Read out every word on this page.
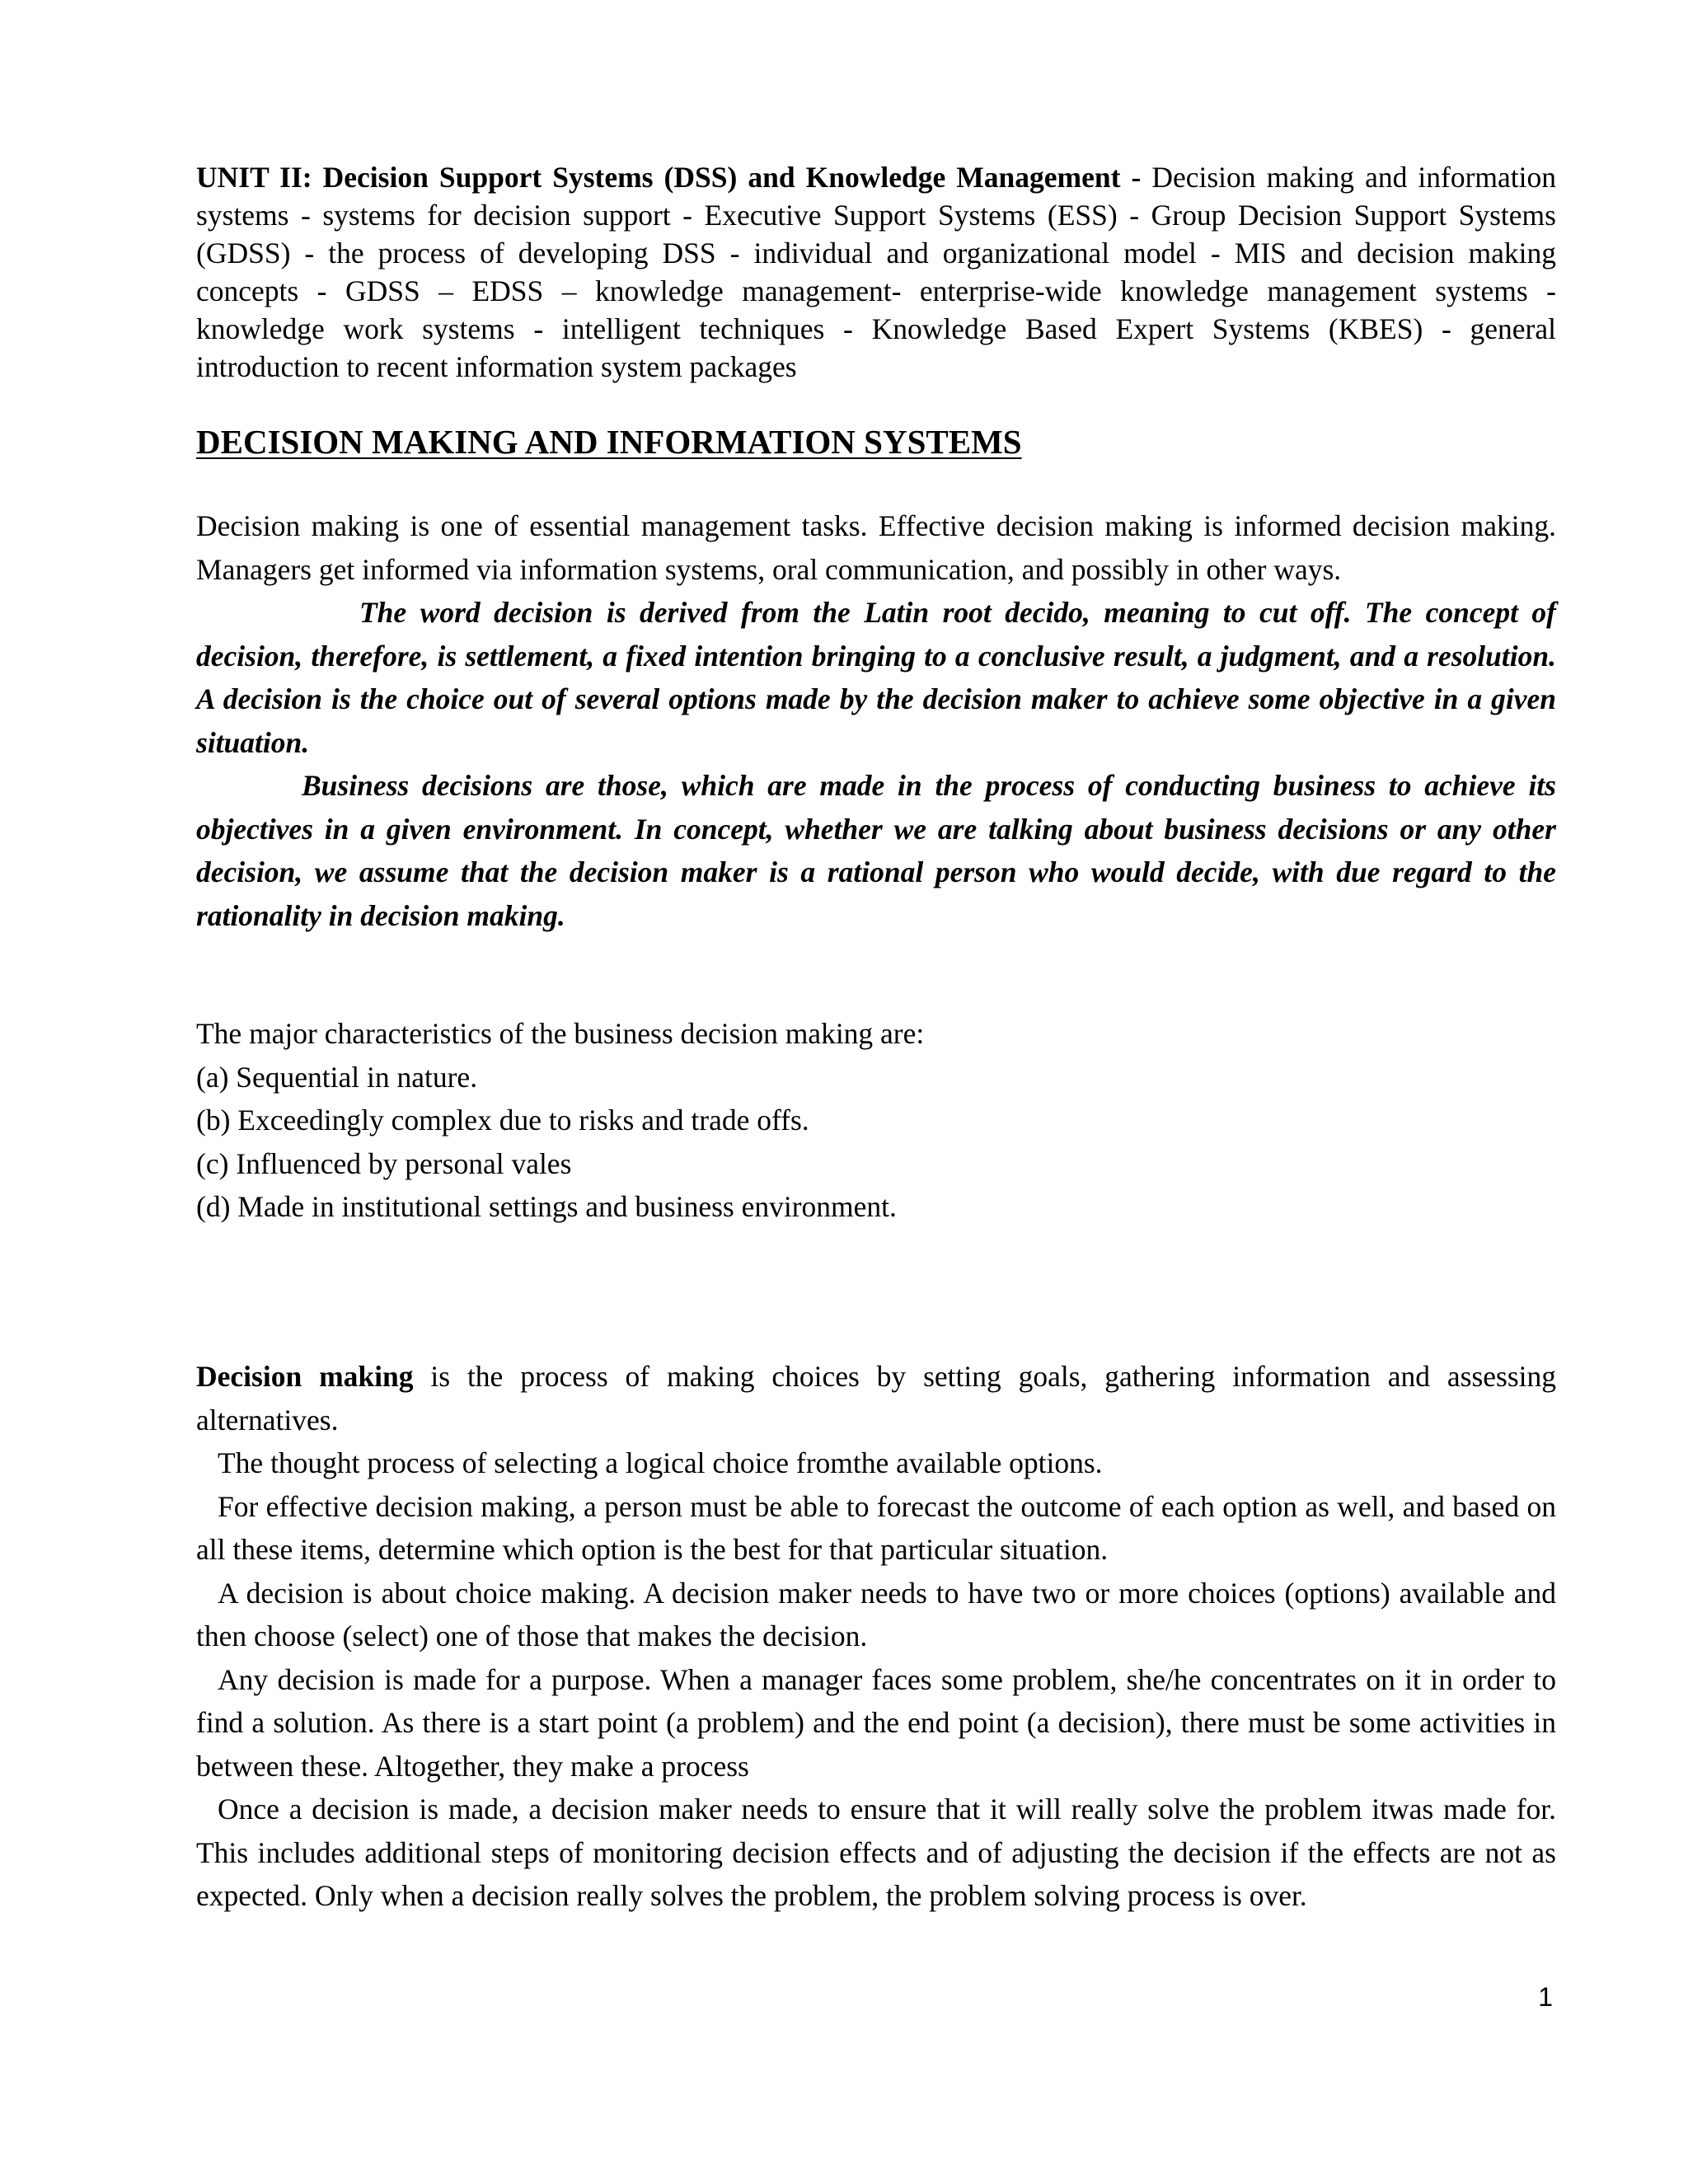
UNIT II: Decision Support Systems (DSS) and Knowledge Management - Decision making and information systems - systems for decision support - Executive Support Systems (ESS) - Group Decision Support Systems (GDSS) - the process of developing DSS - individual and organizational model - MIS and decision making concepts - GDSS – EDSS – knowledge management- enterprise-wide knowledge management systems - knowledge work systems - intelligent techniques - Knowledge Based Expert Systems (KBES) - general introduction to recent information system packages

DECISION MAKING AND INFORMATION SYSTEMS

Decision making is one of essential management tasks. Effective decision making is informed decision making. Managers get informed via information systems, oral communication, and possibly in other ways.

The word decision is derived from the Latin root decido, meaning to cut off. The concept of decision, therefore, is settlement, a fixed intention bringing to a conclusive result, a judgment, and a resolution. A decision is the choice out of several options made by the decision maker to achieve some objective in a given situation.

Business decisions are those, which are made in the process of conducting business to achieve its objectives in a given environment. In concept, whether we are talking about business decisions or any other decision, we assume that the decision maker is a rational person who would decide, with due regard to the rationality in decision making.

The major characteristics of the business decision making are:

(a) Sequential in nature.

(b) Exceedingly complex due to risks and trade offs.

(c) Influenced by personal vales

(d) Made in institutional settings and business environment.

Decision making is the process of making choices by setting goals, gathering information and assessing alternatives.

The thought process of selecting a logical choice fromthe available options.

For effective decision making, a person must be able to forecast the outcome of each option as well, and based on all these items, determine which option is the best for that particular situation.

A decision is about choice making. A decision maker needs to have two or more choices (options) available and then choose (select) one of those that makes the decision.

Any decision is made for a purpose. When a manager faces some problem, she/he concentrates on it in order to find a solution. As there is a start point (a problem) and the end point (a decision), there must be some activities in between these. Altogether, they make a process

Once a decision is made, a decision maker needs to ensure that it will really solve the problem itwas made for. This includes additional steps of monitoring decision effects and of adjusting the decision if the effects are not as expected. Only when a decision really solves the problem, the problem solving process is over.

1
